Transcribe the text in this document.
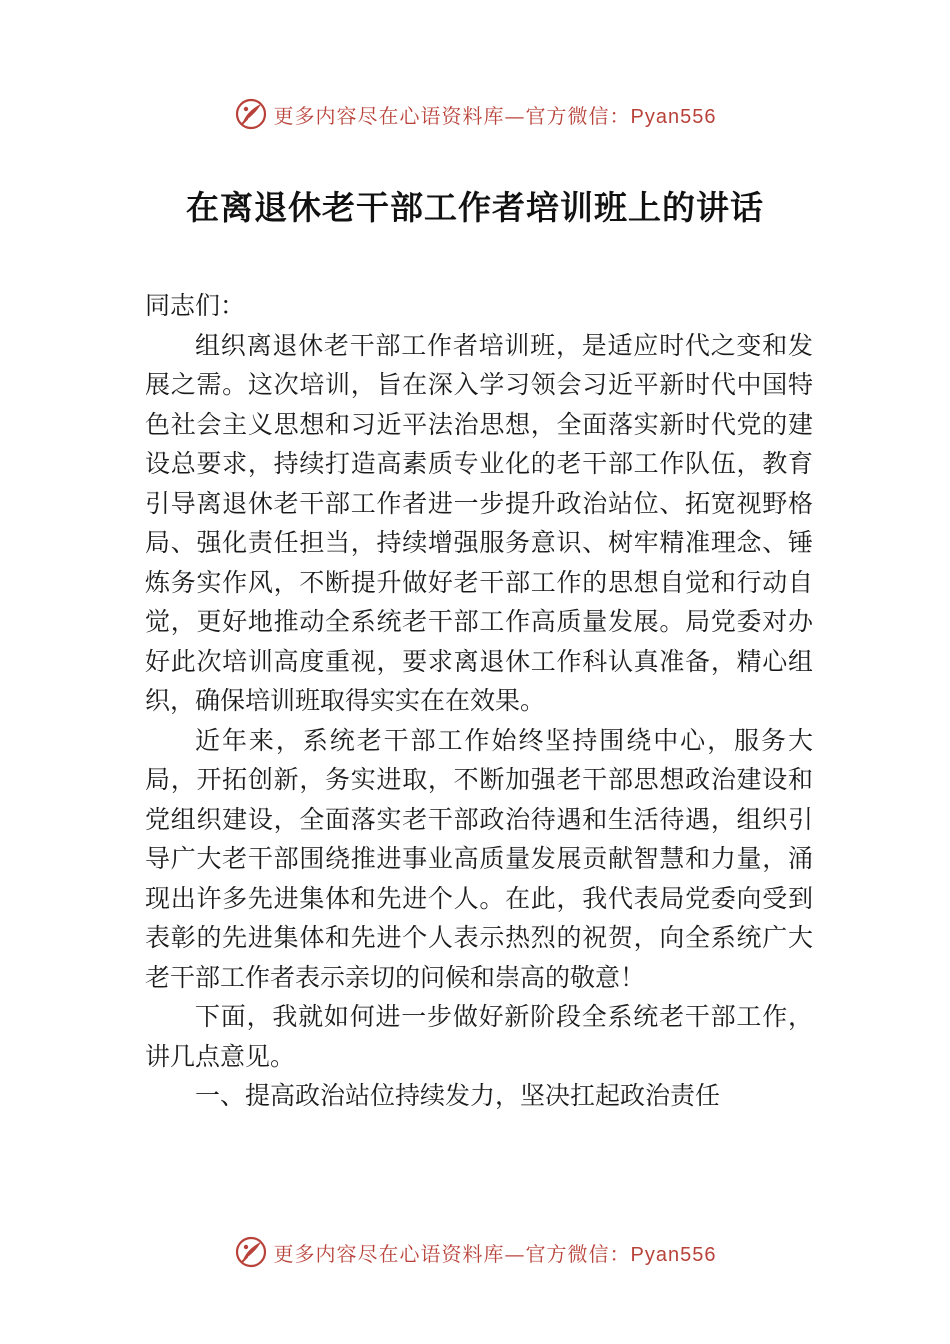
更多内容尽在心语资料库—官方微信：Pyan556
在离退休老干部工作者培训班上的讲话

同志们：

组织离退休老干部工作者培训班，是适应时代之变和发展之需。这次培训，旨在深入学习领会习近平新时代中国特色社会主义思想和习近平法治思想，全面落实新时代党的建设总要求，持续打造高素质专业化的老干部工作队伍，教育引导离退休老干部工作者进一步提升政治站位、拓宽视野格局、强化责任担当，持续增强服务意识、树牢精准理念、锤炼务实作风，不断提升做好老干部工作的思想自觉和行动自觉，更好地推动全系统老干部工作高质量发展。局党委对办好此次培训高度重视，要求离退休工作科认真准备，精心组织，确保培训班取得实实在在效果。

近年来，系统老干部工作始终坚持围绕中心，服务大局，开拓创新，务实进取，不断加强老干部思想政治建设和党组织建设，全面落实老干部政治待遇和生活待遇，组织引导广大老干部围绕推进事业高质量发展贡献智慧和力量，涌现出许多先进集体和先进个人。在此，我代表局党委向受到表彰的先进集体和先进个人表示热烈的祝贺，向全系统广大老干部工作者表示亲切的问候和崇高的敬意！

下面，我就如何进一步做好新阶段全系统老干部工作，讲几点意见。

一、提高政治站位持续发力，坚决扛起政治责任

更多内容尽在心语资料库—官方微信：Pyan556
